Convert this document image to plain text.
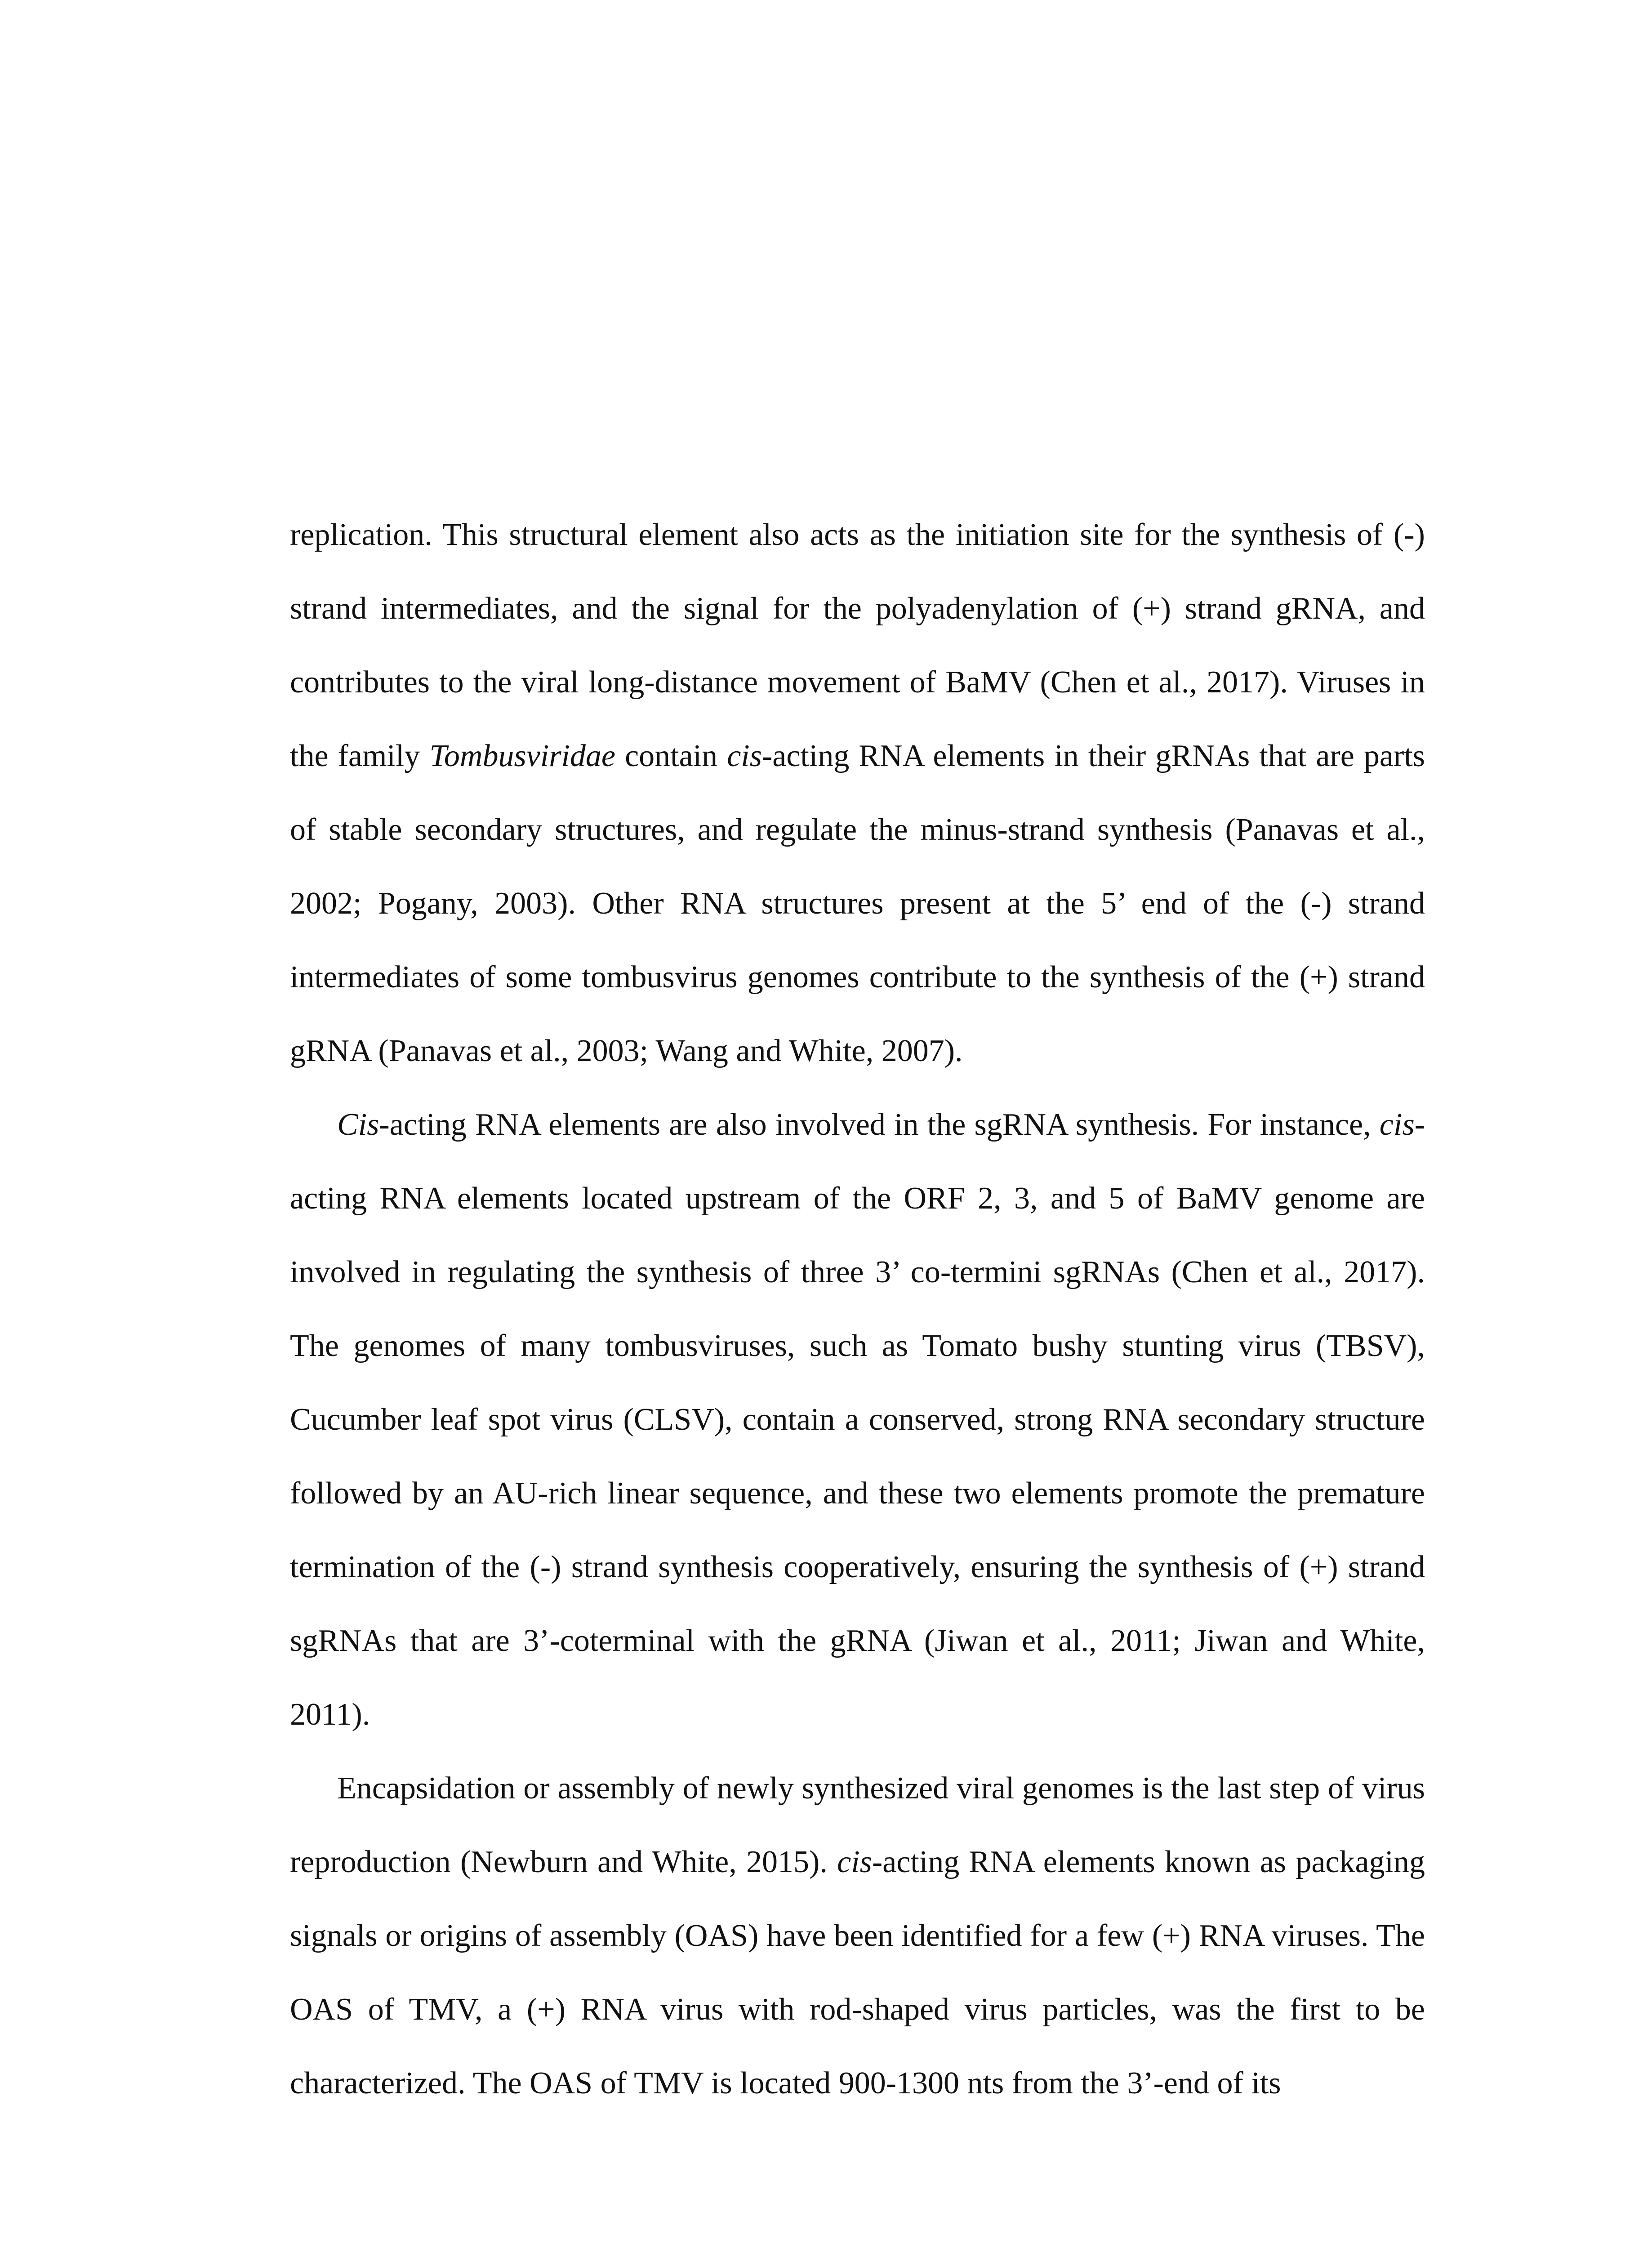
replication. This structural element also acts as the initiation site for the synthesis of (-) strand intermediates, and the signal for the polyadenylation of (+) strand gRNA, and contributes to the viral long-distance movement of BaMV (Chen et al., 2017). Viruses in the family Tombusviridae contain cis-acting RNA elements in their gRNAs that are parts of stable secondary structures, and regulate the minus-strand synthesis (Panavas et al., 2002; Pogany, 2003). Other RNA structures present at the 5’ end of the (-) strand intermediates of some tombusvirus genomes contribute to the synthesis of the (+) strand gRNA (Panavas et al., 2003; Wang and White, 2007).

Cis-acting RNA elements are also involved in the sgRNA synthesis. For instance, cis-acting RNA elements located upstream of the ORF 2, 3, and 5 of BaMV genome are involved in regulating the synthesis of three 3’ co-termini sgRNAs (Chen et al., 2017). The genomes of many tombusviruses, such as Tomato bushy stunting virus (TBSV), Cucumber leaf spot virus (CLSV), contain a conserved, strong RNA secondary structure followed by an AU-rich linear sequence, and these two elements promote the premature termination of the (-) strand synthesis cooperatively, ensuring the synthesis of (+) strand sgRNAs that are 3’-coterminal with the gRNA (Jiwan et al., 2011; Jiwan and White, 2011).

Encapsidation or assembly of newly synthesized viral genomes is the last step of virus reproduction (Newburn and White, 2015). cis-acting RNA elements known as packaging signals or origins of assembly (OAS) have been identified for a few (+) RNA viruses. The OAS of TMV, a (+) RNA virus with rod-shaped virus particles, was the first to be characterized. The OAS of TMV is located 900-1300 nts from the 3’-end of its
